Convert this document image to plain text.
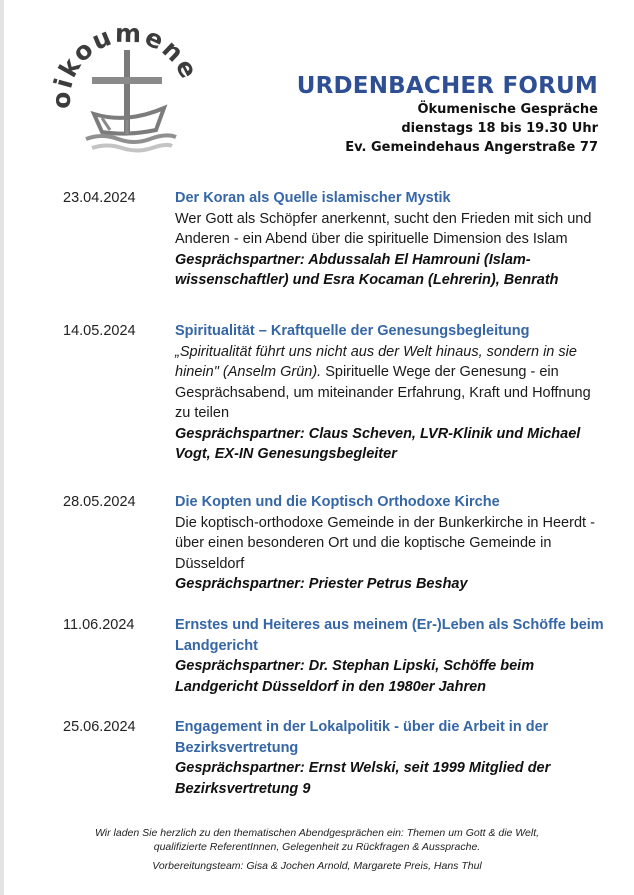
koumene
URDENBACHER FORUM
Ökumenische Gespräche
dienstags 18 bis 19.30 Uhr
Ev. Gemeindehaus Angerstraße 77
23.04.2024	Der Koran als Quelle islamischer Mystik
Wer Gott als Schöpfer anerkennt, sucht den Frieden mit sich und Anderen - ein Abend über die spirituelle Dimension des Islam
Gesprächspartner: Abdussalah El Hamrouni (Islam-wissenschaftler) und Esra Kocaman (Lehrerin), Benrath
14.05.2024	Spiritualität – Kraftquelle der Genesungsbegleitung
„Spiritualität führt uns nicht aus der Welt hinaus, sondern in sie hinein" (Anselm Grün). Spirituelle Wege der Genesung - ein Gesprächsabend, um miteinander Erfahrung, Kraft und Hoffnung zu teilen
Gesprächspartner: Claus Scheven, LVR-Klinik und Michael Vogt, EX-IN Genesungsbegleiter
28.05.2024	Die Kopten und die Koptisch Orthodoxe Kirche
Die koptisch-orthodoxe Gemeinde in der Bunkerkirche in Heerdt - über einen besonderen Ort und die koptische Gemeinde in Düsseldorf
Gesprächspartner: Priester Petrus Beshay
11.06.2024	Ernstes und Heiteres aus meinem (Er-)Leben als Schöffe beim Landgericht
Gesprächspartner: Dr. Stephan Lipski, Schöffe beim Landgericht Düsseldorf in den 1980er Jahren
25.06.2024	Engagement in der Lokalpolitik - über die Arbeit in der Bezirksvertretung
Gesprächspartner: Ernst Welski, seit 1999 Mitglied der Bezirksvertretung 9
Wir laden Sie herzlich zu den thematischen Abendgesprächen ein: Themen um Gott & die Welt, qualifizierte ReferentInnen, Gelegenheit zu Rückfragen & Aussprache.
Vorbereitungsteam: Gisa & Jochen Arnold, Margarete Preis, Hans Thul
